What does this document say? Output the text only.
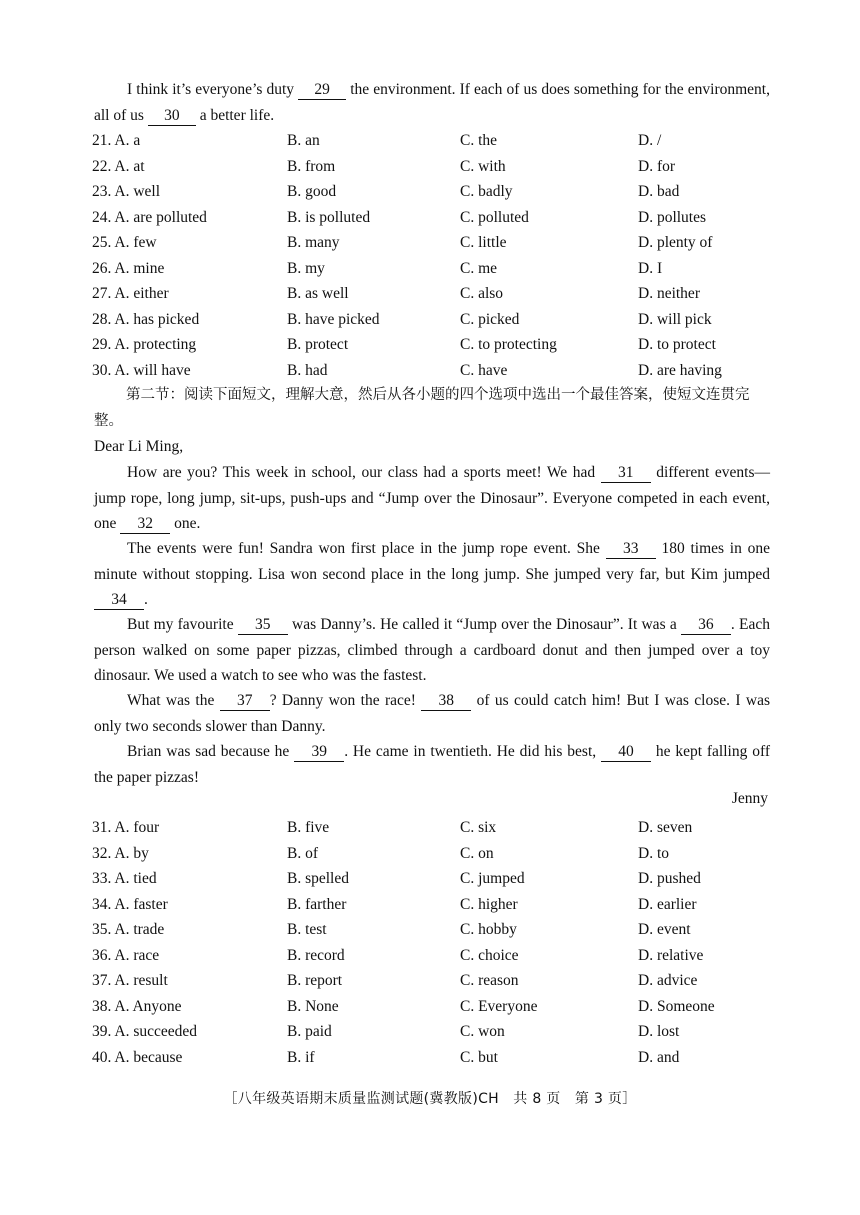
I think it’s everyone’s duty 29 the environment. If each of us does something for the environment, all of us 30 a better life.

21. A. a	B. an	C. the	D. /
22. A. at	B. from	C. with	D. for
23. A. well	B. good	C. badly	D. bad
24. A. are polluted	B. is polluted	C. polluted	D. pollutes
25. A. few	B. many	C. little	D. plenty of
26. A. mine	B. my	C. me	D. I
27. A. either	B. as well	C. also	D. neither
28. A. has picked	B. have picked	C. picked	D. will pick
29. A. protecting	B. protect	C. to protecting	D. to protect
30. A. will have	B. had	C. have	D. are having
第二节：阅读下面短文，理解大意，然后从各小题的四个选项中选出一个最佳答案，使短文连贯完整。
Dear Li Ming,

How are you? This week in school, our class had a sports meet! We had 31 different events—jump rope, long jump, sit-ups, push-ups and “Jump over the Dinosaur”. Everyone competed in each event, one 32 one.

The events were fun! Sandra won first place in the jump rope event. She 33 180 times in one minute without stopping. Lisa won second place in the long jump. She jumped very far, but Kim jumped 34 .

But my favourite 35 was Danny’s. He called it “Jump over the Dinosaur”. It was a 36 . Each person walked on some paper pizzas, climbed through a cardboard donut and then jumped over a toy dinosaur. We used a watch to see who was the fastest.

What was the 37 ? Danny won the race! 38 of us could catch him! But I was close. I was only two seconds slower than Danny.

Brian was sad because he 39 . He came in twentieth. He did his best, 40 he kept falling off the paper pizzas!

Jenny
31. A. four	B. five	C. six	D. seven
32. A. by	B. of	C. on	D. to
33. A. tied	B. spelled	C. jumped	D. pushed
34. A. faster	B. farther	C. higher	D. earlier
35. A. trade	B. test	C. hobby	D. event
36. A. race	B. record	C. choice	D. relative
37. A. result	B. report	C. reason	D. advice
38. A. Anyone	B. None	C. Everyone	D. Someone
39. A. succeeded	B. paid	C. won	D. lost
40. A. because	B. if	C. but	D. and
［八年级英语期末质量监测试题(冀教版)CH　共 8 页　第 3 页］
